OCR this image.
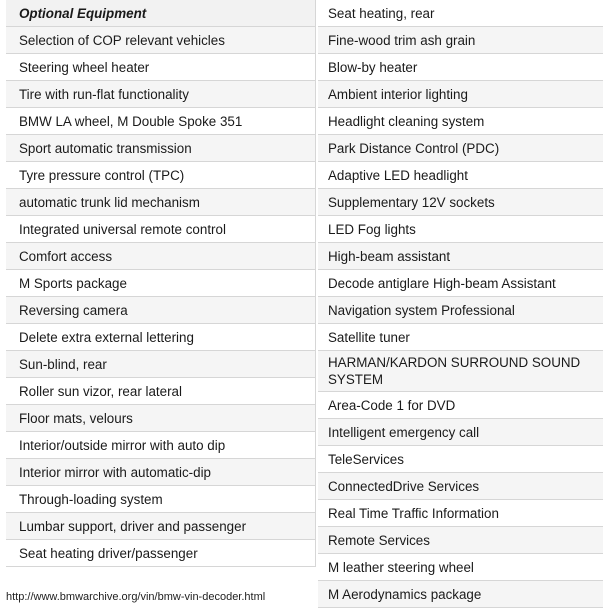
Optional Equipment
Selection of COP relevant vehicles
Steering wheel heater
Tire with run-flat functionality
BMW LA wheel, M Double Spoke 351
Sport automatic transmission
Tyre pressure control (TPC)
automatic trunk lid mechanism
Integrated universal remote control
Comfort access
M Sports package
Reversing camera
Delete extra external lettering
Sun-blind, rear
Roller sun vizor, rear lateral
Floor mats, velours
Interior/outside mirror with auto dip
Interior mirror with automatic-dip
Through-loading system
Lumbar support, driver and passenger
Seat heating driver/passenger
Seat heating, rear
Fine-wood trim ash grain
Blow-by heater
Ambient interior lighting
Headlight cleaning system
Park Distance Control (PDC)
Adaptive LED headlight
Supplementary 12V sockets
LED Fog lights
High-beam assistant
Decode antiglare High-beam Assistant
Navigation system Professional
Satellite tuner
HARMAN/KARDON SURROUND SOUND SYSTEM
Area-Code 1 for DVD
Intelligent emergency call
TeleServices
ConnectedDrive Services
Real Time Traffic Information
Remote Services
M leather steering wheel
M Aerodynamics package
http://www.bmwarchive.org/vin/bmw-vin-decoder.html
